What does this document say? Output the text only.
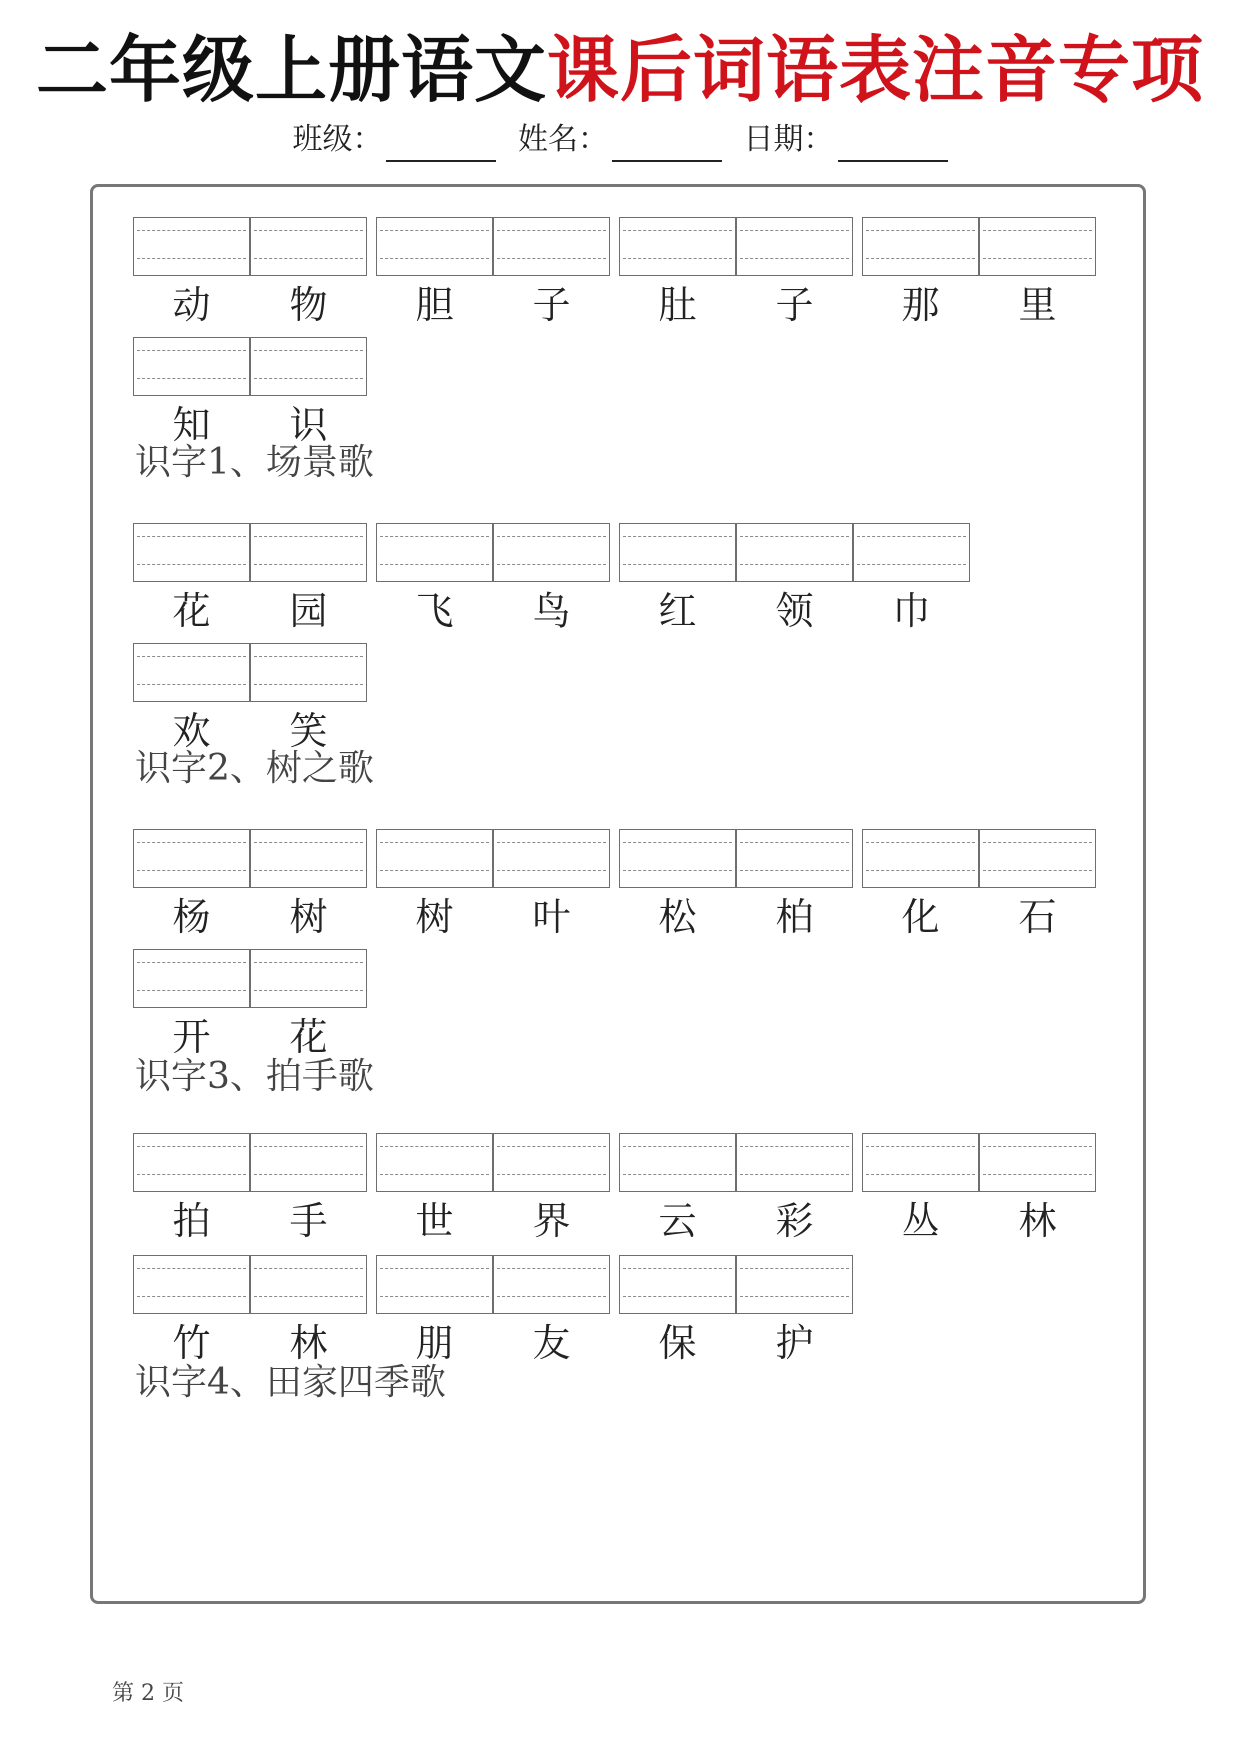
二年级上册语文课后词语表注音专项
班级：	姓名：	日期：
动	物	胆	子	肚	子	那	里
知	识
识字1、场景歌
花	园	飞	鸟	红	领	巾
欢	笑
识字2、树之歌
杨	树	树	叶	松	柏	化	石
开	花
识字3、拍手歌
拍	手	世	界	云	彩	丛	林
竹	林	朋	友	保	护
识字4、田家四季歌
第 2 页
